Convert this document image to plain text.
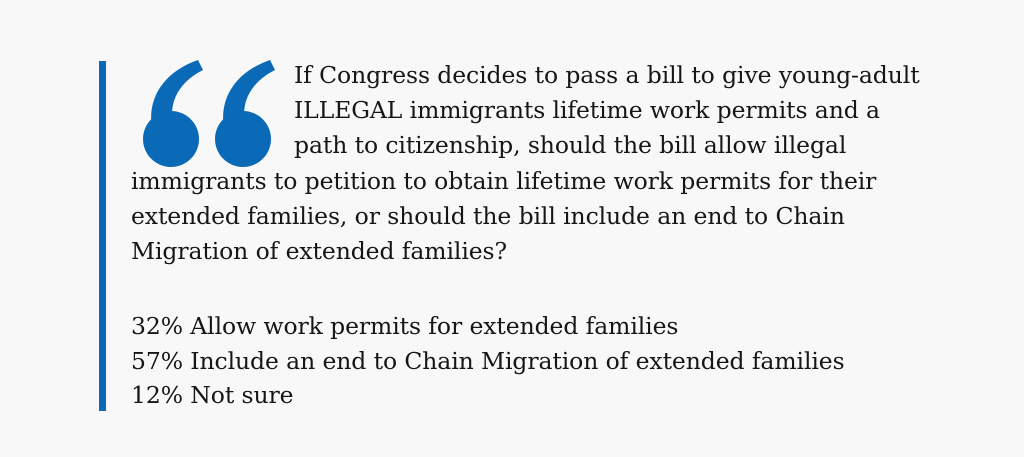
If Congress decides to pass a bill to give young-adult ILLEGAL immigrants lifetime work permits and a path to citizenship, should the bill allow illegal immigrants to petition to obtain lifetime work permits for their extended families, or should the bill include an end to Chain Migration of extended families?

32% Allow work permits for extended families
57% Include an end to Chain Migration of extended families
12% Not sure
